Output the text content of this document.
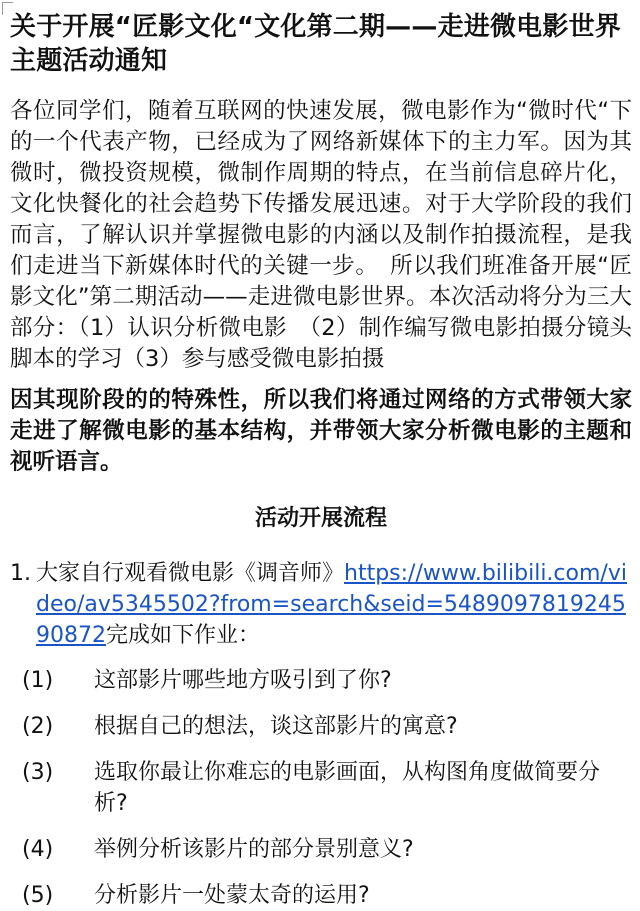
关于开展“匠影文化“文化第二期——走进微电影世界主题活动通知

各位同学们，随着互联网的快速发展，微电影作为“微时代“下的一个代表产物，已经成为了网络新媒体下的主力军。因为其微时，微投资规模，微制作周期的特点，在当前信息碎片化，文化快餐化的社会趋势下传播发展迅速。对于大学阶段的我们而言，了解认识并掌握微电影的内涵以及制作拍摄流程，是我们走进当下新媒体时代的关键一步。　所以我们班准备开展“匠影文化”第二期活动——走进微电影世界。本次活动将分为三大部分：（1）认识分析微电影　（2）制作编写微电影拍摄分镜头脚本的学习（3）参与感受微电影拍摄

因其现阶段的的特殊性，所以我们将通过网络的方式带领大家走进了解微电影的基本结构，并带领大家分析微电影的主题和视听语言。

活动开展流程
1. 大家自行观看微电影《调音师》https://www.bilibili.com/video/av5345502?from=search&seid=548909781924590872完成如下作业：
(1)	这部影片哪些地方吸引到了你?
(2)	根据自己的想法，谈这部影片的寓意?
(3)	选取你最让你难忘的电影画面，从构图角度做简要分析?
(4)	举例分析该影片的部分景别意义?
(5)	分析影片一处蒙太奇的运用?
